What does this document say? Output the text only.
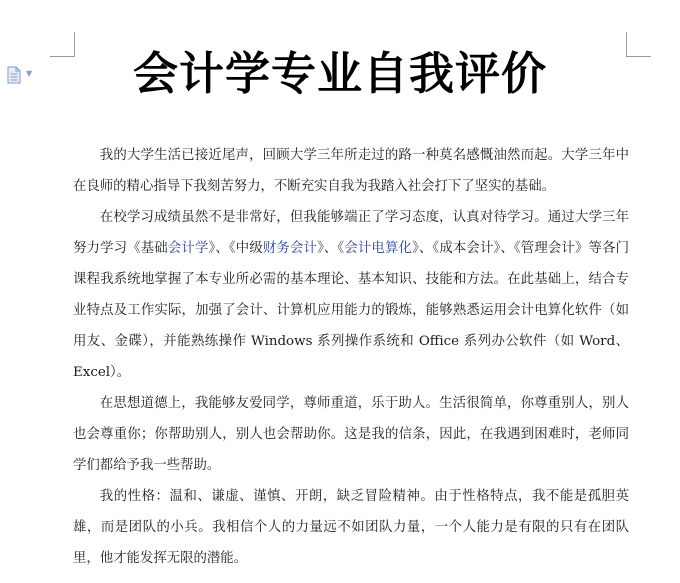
▼	会计学专业自我评价

我的大学生活已接近尾声，回顾大学三年所走过的路一种莫名感慨油然而起。大学三年中在良师的精心指导下我刻苦努力，不断充实自我为我踏入社会打下了坚实的基础。

在校学习成绩虽然不是非常好，但我能够端正了学习态度，认真对待学习。通过大学三年努力学习《基础会计学》、《中级财务会计》、《会计电算化》、《成本会计》、《管理会计》等各门课程我系统地掌握了本专业所必需的基本理论、基本知识、技能和方法。在此基础上，结合专业特点及工作实际，加强了会计、计算机应用能力的锻炼，能够熟悉运用会计电算化软件（如用友、金碟），并能熟练操作 Windows 系列操作系统和 Office 系列办公软件（如 Word、Excel）。

在思想道德上，我能够友爱同学，尊师重道，乐于助人。生活很简单，你尊重别人，别人也会尊重你；你帮助别人，别人也会帮助你。这是我的信条，因此，在我遇到困难时，老师同学们都给予我一些帮助。

我的性格：温和、谦虚、谨慎、开朗，缺乏冒险精神。由于性格特点，我不能是孤胆英雄，而是团队的小兵。我相信个人的力量远不如团队力量，一个人能力是有限的只有在团队里，他才能发挥无限的潜能。
